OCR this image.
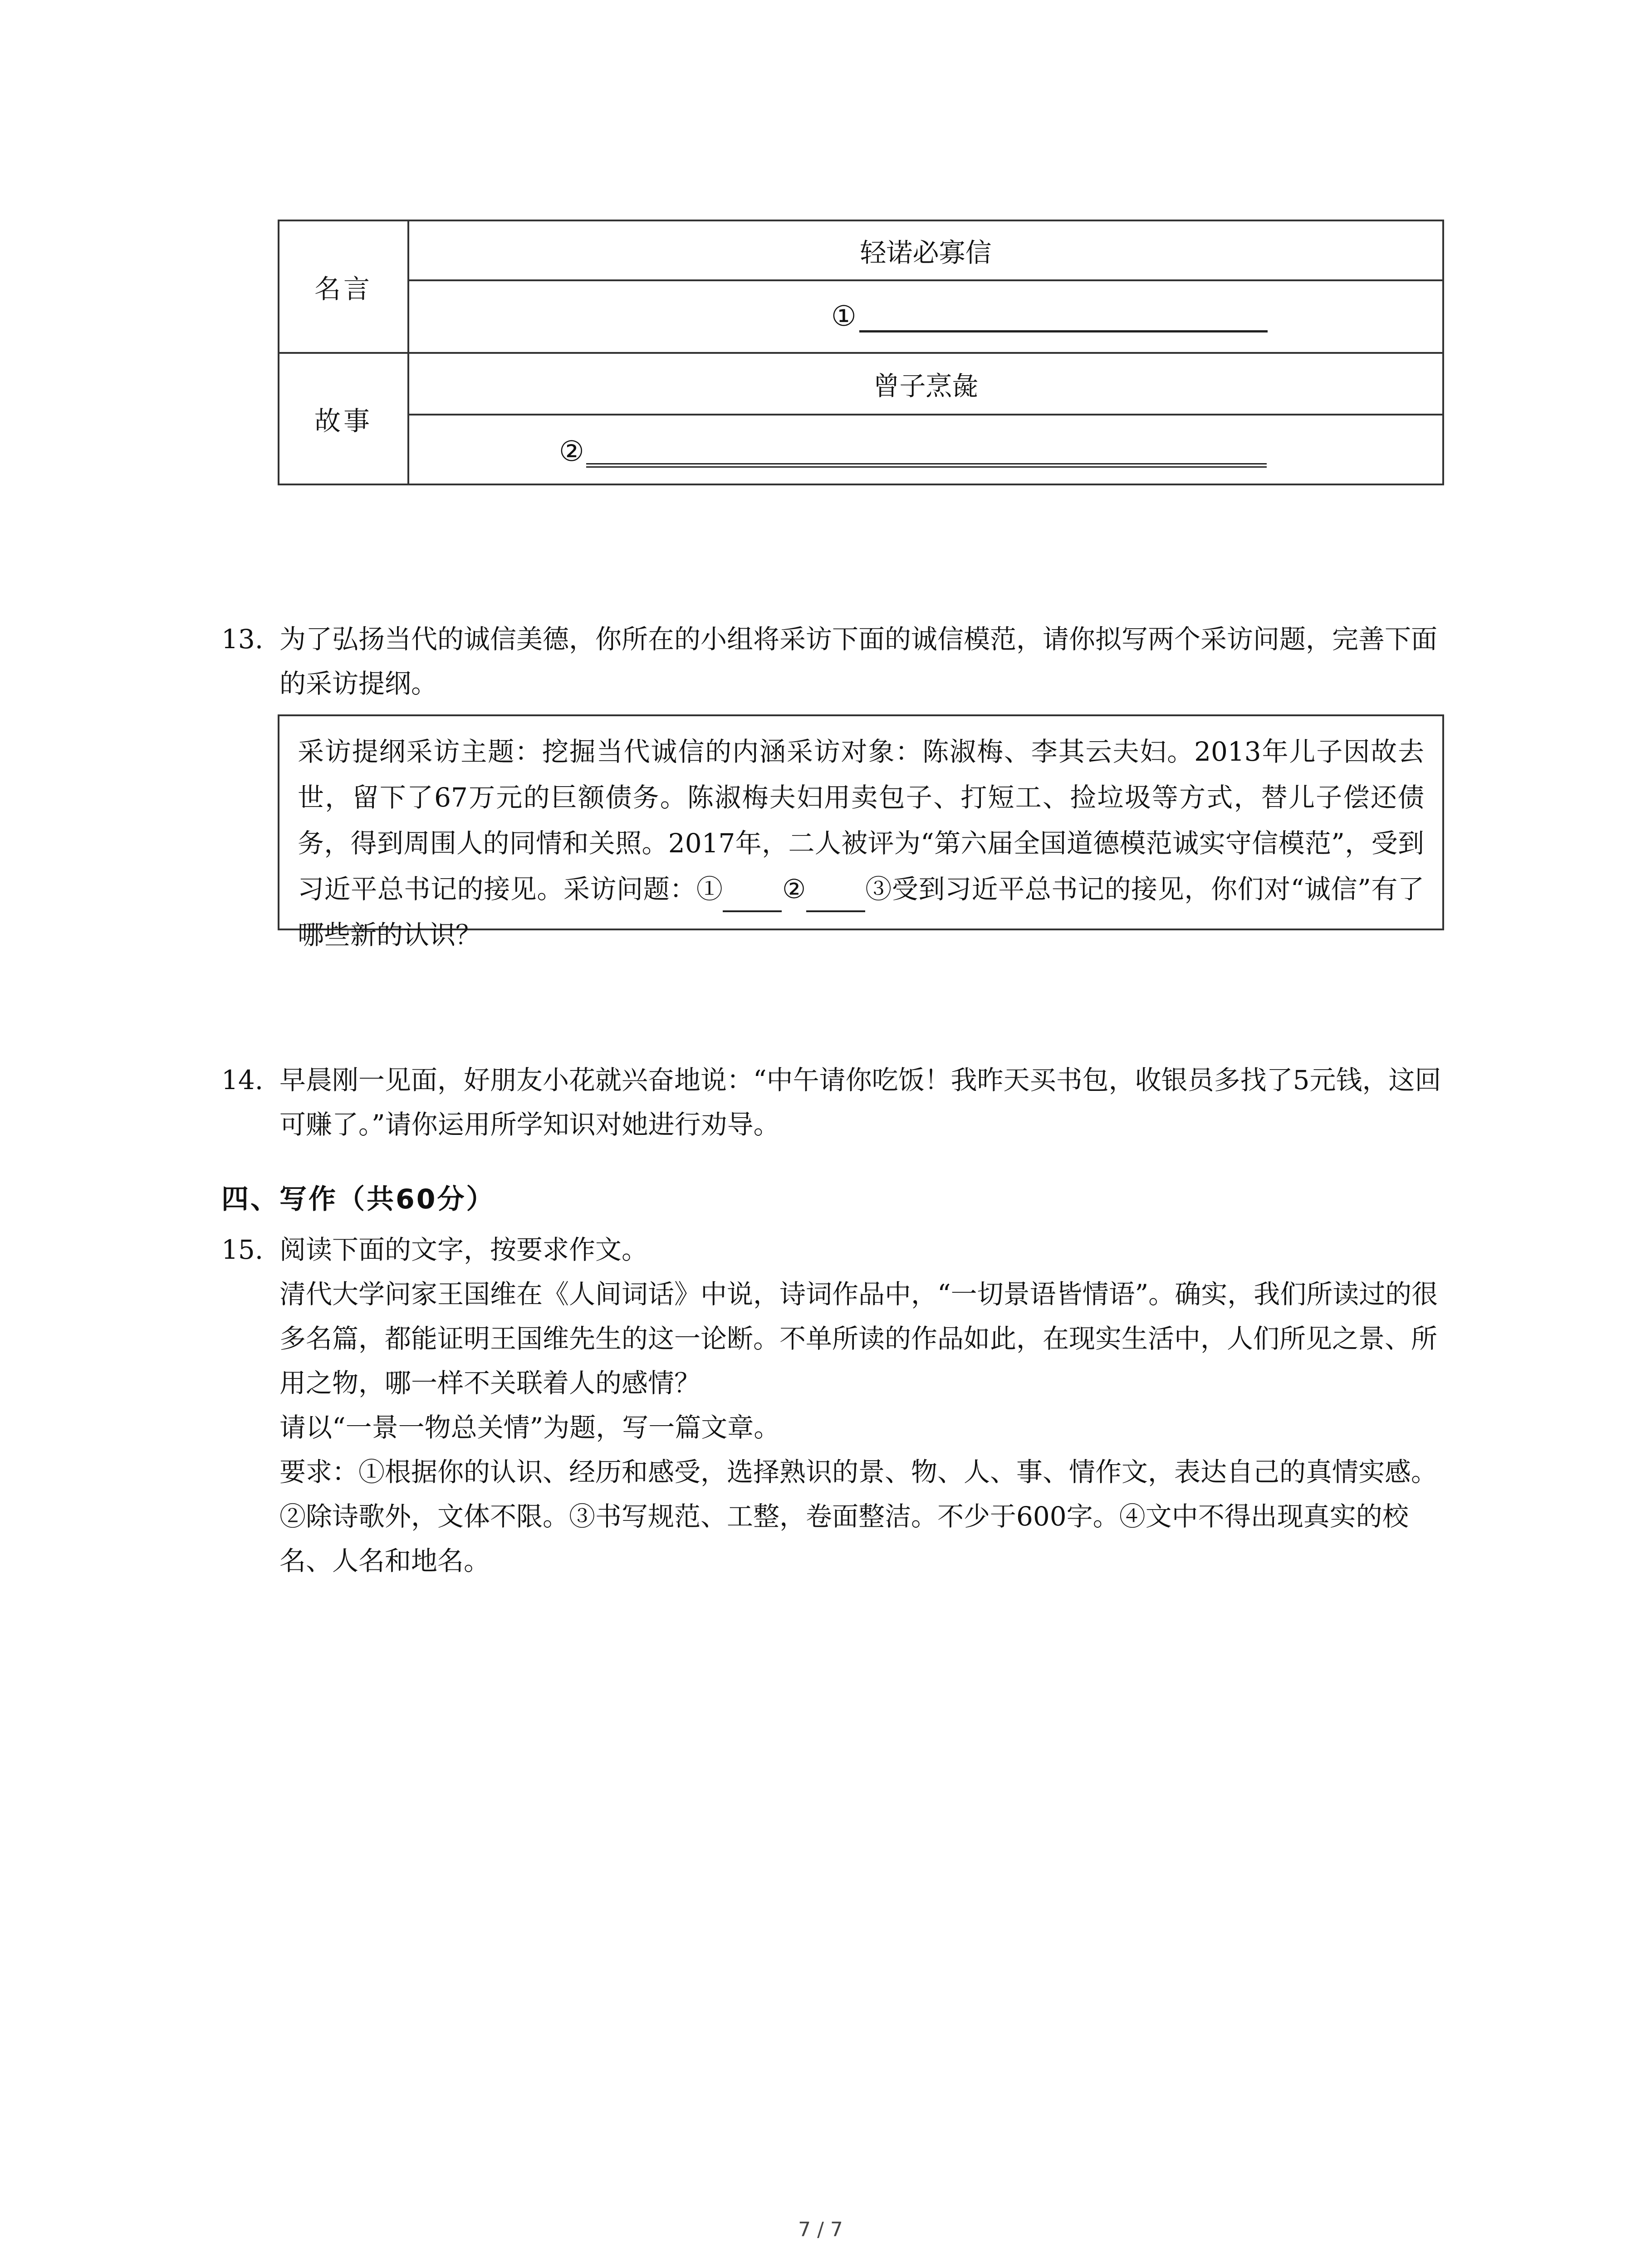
名言	轻诺必寡信

	①

故事	曾子烹彘

	②
13. 为了弘扬当代的诚信美德，你所在的小组将采访下面的诚信模范，请你拟写两个采访问题，完善下面的采访提纲。
采访提纲采访主题：挖掘当代诚信的内涵采访对象：陈淑梅、李其云夫妇。2013年儿子因故去世，留下了67万元的巨额债务。陈淑梅夫妇用卖包子、打短工、捡垃圾等方式，替儿子偿还债务，得到周围人的同情和关照。2017年，二人被评为“第六届全国道德模范诚实守信模范”，受到习近平总书记的接见。采访问题：① ② ③受到习近平总书记的接见，你们对“诚信”有了哪些新的认识？
14. 早晨刚一见面，好朋友小花就兴奋地说：“中午请你吃饭！我昨天买书包，收银员多找了5元钱，这回可赚了。”请你运用所学知识对她进行劝导。
四、写作（共60分）
15. 阅读下面的文字，按要求作文。
清代大学问家王国维在《人间词话》中说，诗词作品中，“一切景语皆情语”。确实，我们所读过的很多名篇，都能证明王国维先生的这一论断。不单所读的作品如此，在现实生活中，人们所见之景、所用之物，哪一样不关联着人的感情？
请以“一景一物总关情”为题，写一篇文章。
要求：①根据你的认识、经历和感受，选择熟识的景、物、人、事、情作文，表达自己的真情实感。②除诗歌外，文体不限。③书写规范、工整，卷面整洁。不少于600字。④文中不得出现真实的校名、人名和地名。
7 / 7
